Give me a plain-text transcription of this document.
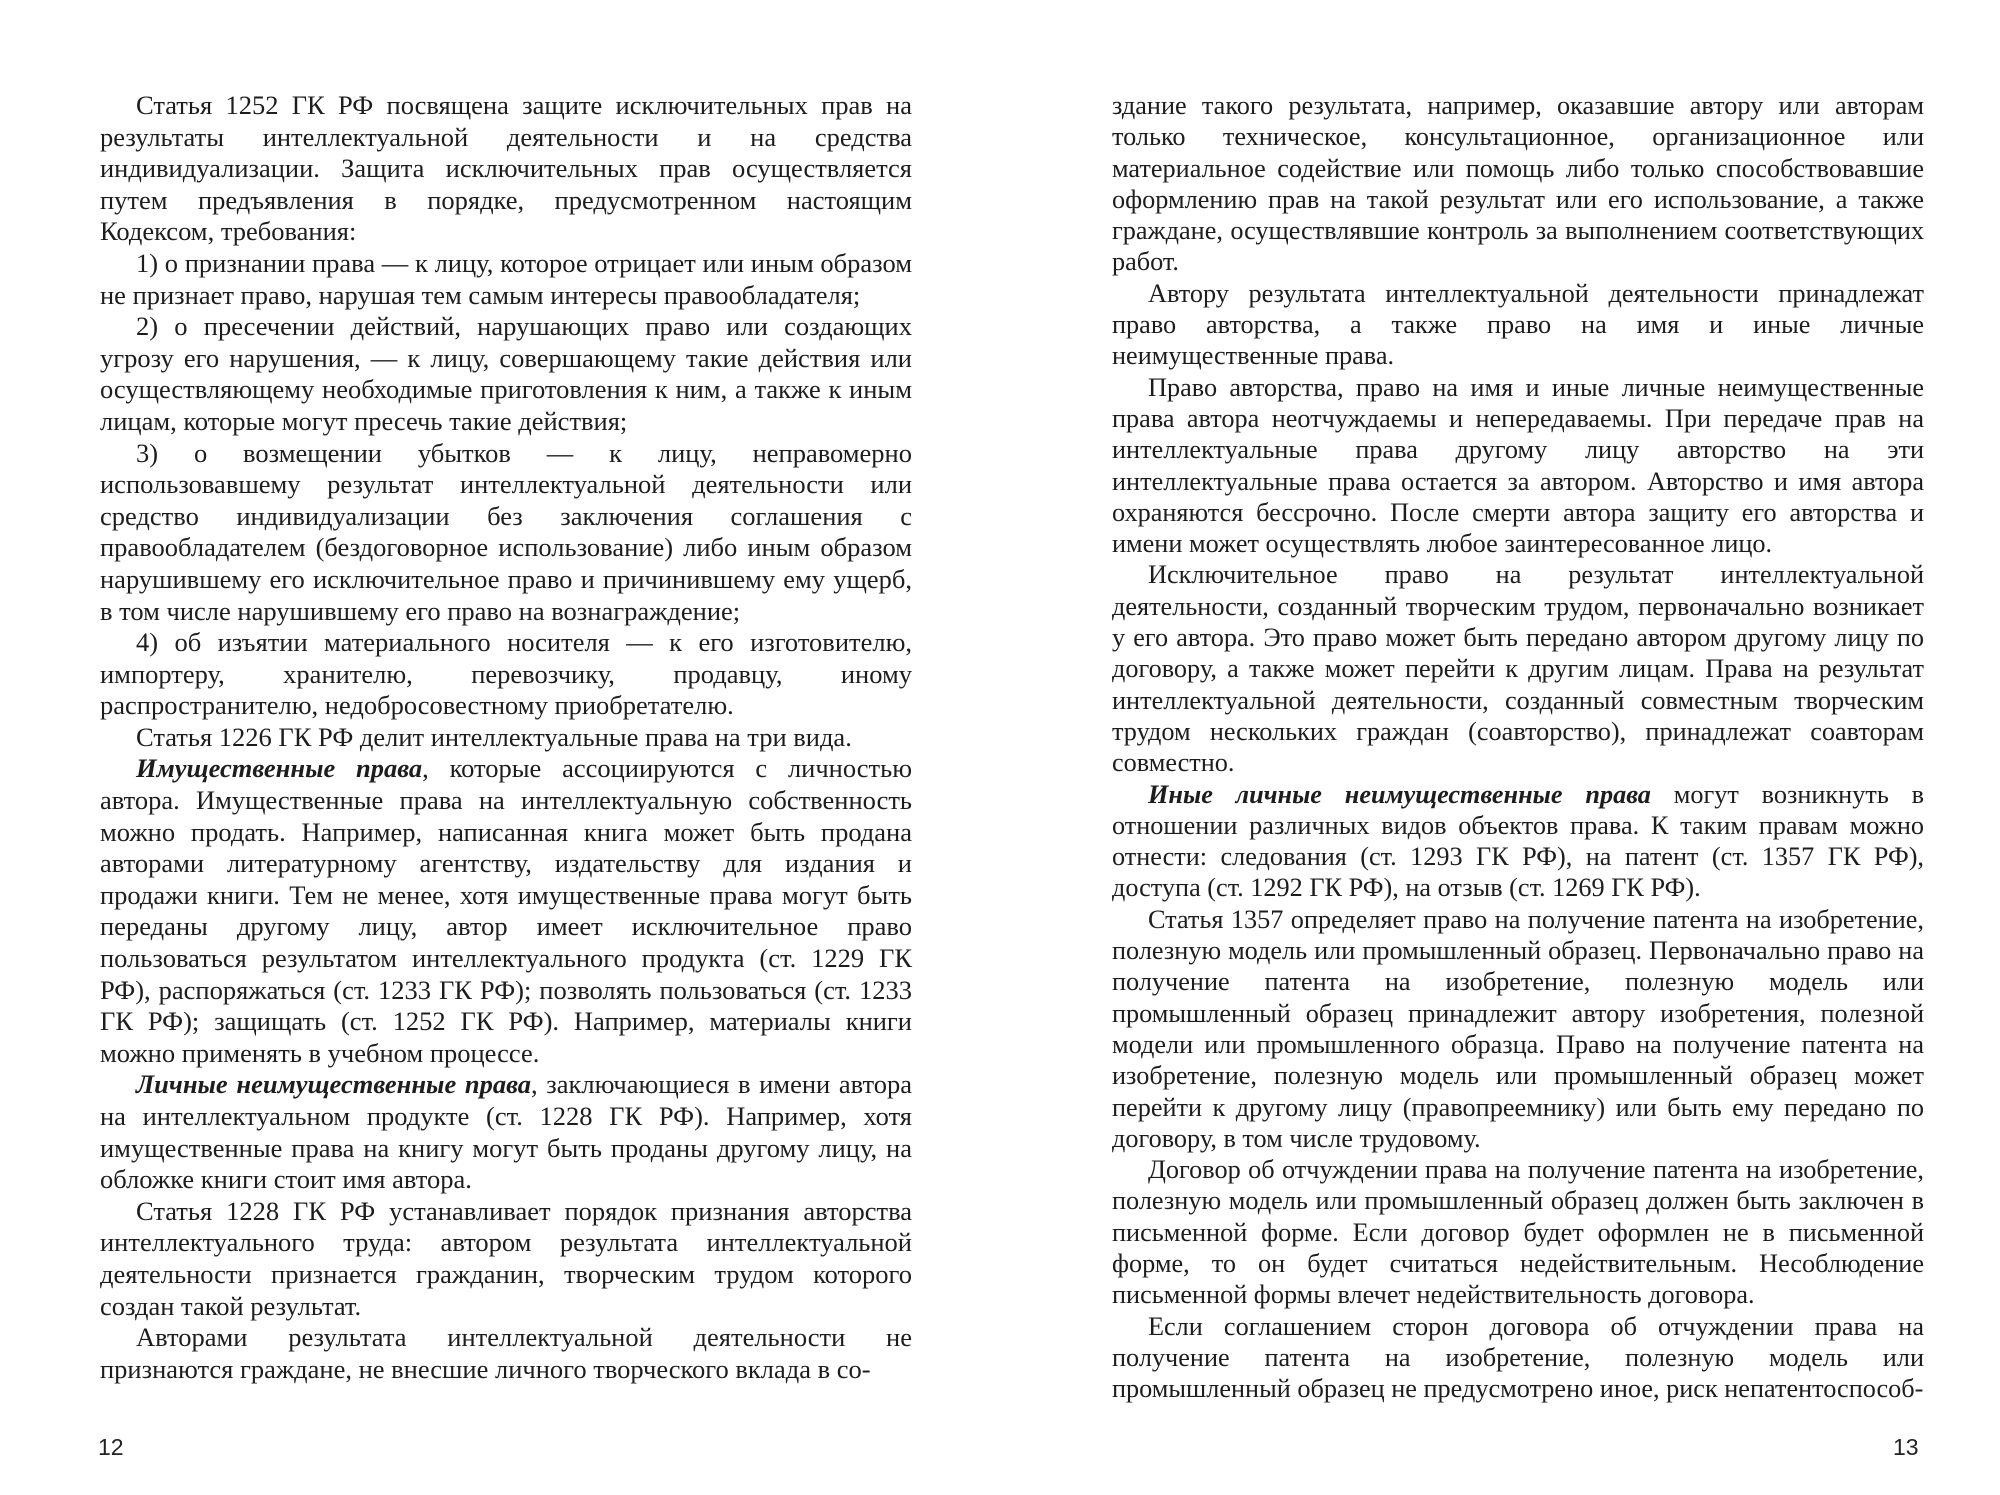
Статья 1252 ГК РФ посвящена защите исключительных прав на результаты интеллектуальной деятельности и на средства индивидуализации. Защита исключительных прав осуществляется путем предъявления в порядке, предусмотренном настоящим Кодексом, требования:

1) о признании права — к лицу, которое отрицает или иным образом не признает право, нарушая тем самым интересы правообладателя;

2) о пресечении действий, нарушающих право или создающих угрозу его нарушения, — к лицу, совершающему такие действия или осуществляющему необходимые приготовления к ним, а также к иным лицам, которые могут пресечь такие действия;

3) о возмещении убытков — к лицу, неправомерно использовавшему результат интеллектуальной деятельности или средство индивидуализации без заключения соглашения с правообладателем (бездоговорное использование) либо иным образом нарушившему его исключительное право и причинившему ему ущерб, в том числе нарушившему его право на вознаграждение;

4) об изъятии материального носителя — к его изготовителю, импортеру, хранителю, перевозчику, продавцу, иному распространителю, недобросовестному приобретателю.

Статья 1226 ГК РФ делит интеллектуальные права на три вида.

Имущественные права, которые ассоциируются с личностью автора. Имущественные права на интеллектуальную собственность можно продать. Например, написанная книга может быть продана авторами литературному агентству, издательству для издания и продажи книги. Тем не менее, хотя имущественные права могут быть переданы другому лицу, автор имеет исключительное право пользоваться результатом интеллектуального продукта (ст. 1229 ГК РФ), распоряжаться (ст. 1233 ГК РФ); позволять пользоваться (ст. 1233 ГК РФ); защищать (ст. 1252 ГК РФ). Например, материалы книги можно применять в учебном процессе.

Личные неимущественные права, заключающиеся в имени автора на интеллектуальном продукте (ст. 1228 ГК РФ). Например, хотя имущественные права на книгу могут быть проданы другому лицу, на обложке книги стоит имя автора.

Статья 1228 ГК РФ устанавливает порядок признания авторства интеллектуального труда: автором результата интеллектуальной деятельности признается гражданин, творческим трудом которого создан такой результат.

Авторами результата интеллектуальной деятельности не признаются граждане, не внесшие личного творческого вклада в со-

здание такого результата, например, оказавшие автору или авторам только техническое, консультационное, организационное или материальное содействие или помощь либо только способствовавшие оформлению прав на такой результат или его использование, а также граждане, осуществлявшие контроль за выполнением соответствующих работ.

Автору результата интеллектуальной деятельности принадлежат право авторства, а также право на имя и иные личные неимущественные права.

Право авторства, право на имя и иные личные неимущественные права автора неотчуждаемы и непередаваемы. При передаче прав на интеллектуальные права другому лицу авторство на эти интеллектуальные права остается за автором. Авторство и имя автора охраняются бессрочно. После смерти автора защиту его авторства и имени может осуществлять любое заинтересованное лицо.

Исключительное право на результат интеллектуальной деятельности, созданный творческим трудом, первоначально возникает у его автора. Это право может быть передано автором другому лицу по договору, а также может перейти к другим лицам. Права на результат интеллектуальной деятельности, созданный совместным творческим трудом нескольких граждан (соавторство), принадлежат соавторам совместно.

Иные личные неимущественные права могут возникнуть в отношении различных видов объектов права. К таким правам можно отнести: следования (ст. 1293 ГК РФ), на патент (ст. 1357 ГК РФ), доступа (ст. 1292 ГК РФ), на отзыв (ст. 1269 ГК РФ).

Статья 1357 определяет право на получение патента на изобретение, полезную модель или промышленный образец. Первоначально право на получение патента на изобретение, полезную модель или промышленный образец принадлежит автору изобретения, полезной модели или промышленного образца. Право на получение патента на изобретение, полезную модель или промышленный образец может перейти к другому лицу (правопреемнику) или быть ему передано по договору, в том числе трудовому.

Договор об отчуждении права на получение патента на изобретение, полезную модель или промышленный образец должен быть заключен в письменной форме. Если договор будет оформлен не в письменной форме, то он будет считаться недействительным. Несоблюдение письменной формы влечет недействительность договора.

Если соглашением сторон договора об отчуждении права на получение патента на изобретение, полезную модель или промышленный образец не предусмотрено иное, риск непатентоспособ-

12	13
